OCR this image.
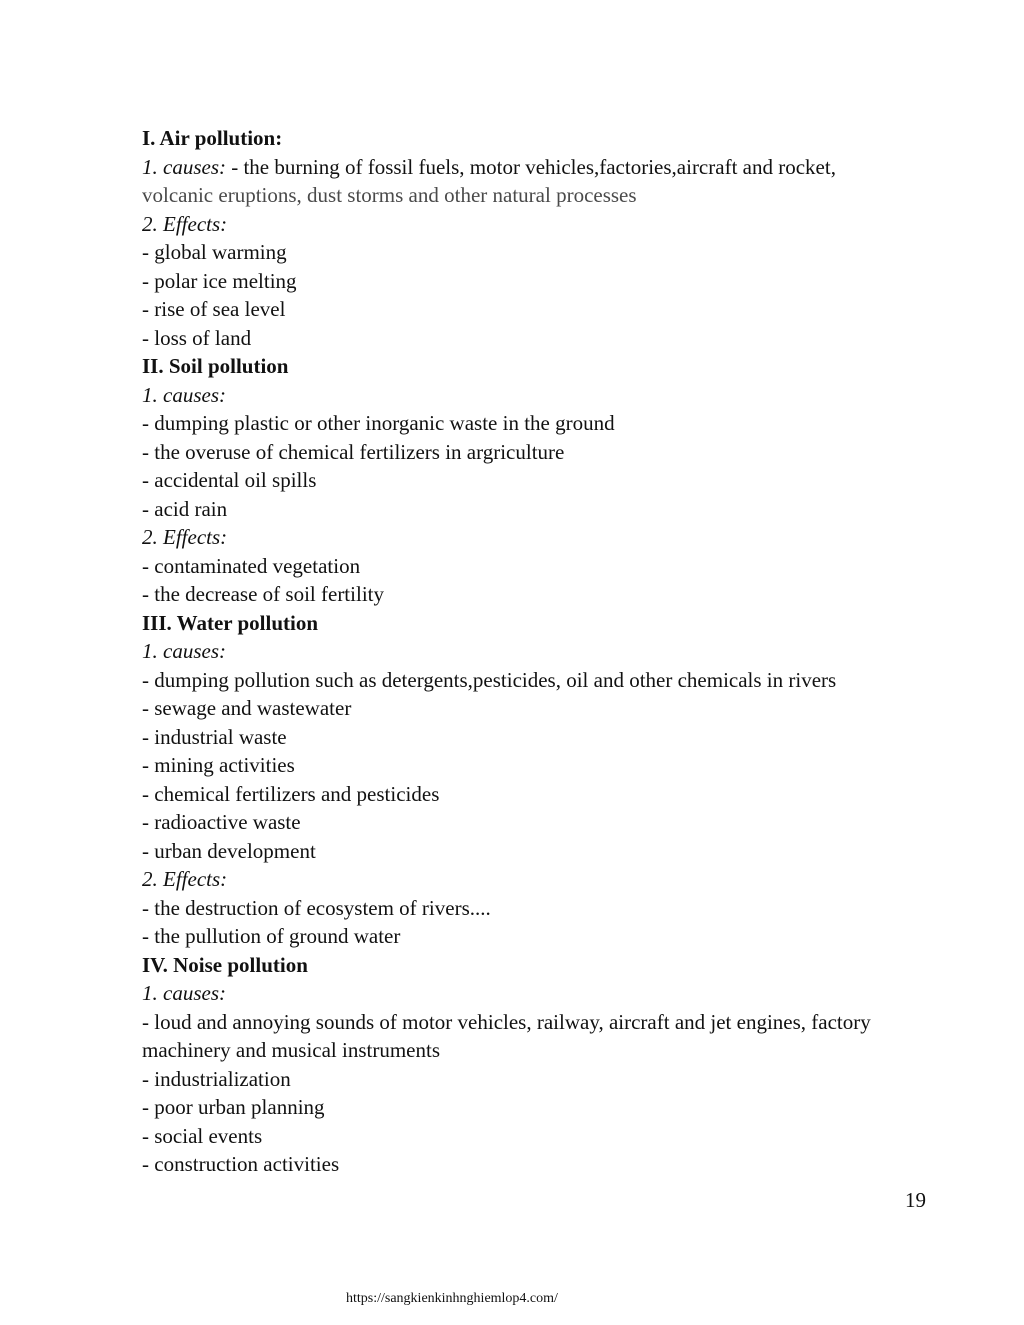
I. Air pollution:
1. causes: - the burning of fossil fuels, motor vehicles,factories,aircraft and rocket,
volcanic eruptions, dust storms and other natural processes
2. Effects:
- global warming
- polar ice melting
- rise of sea level
- loss of land
II. Soil pollution
1. causes:
- dumping plastic or other inorganic waste in the ground
- the overuse of chemical fertilizers in argriculture
- accidental oil spills
- acid rain
2. Effects:
- contaminated vegetation
- the decrease of soil fertility
III. Water pollution
1. causes:
- dumping pollution such as detergents,pesticides, oil and other chemicals in rivers
- sewage and wastewater
- industrial waste
- mining activities
- chemical fertilizers and pesticides
- radioactive waste
- urban development
2. Effects:
- the destruction of ecosystem of rivers....
- the pullution of ground water
IV. Noise pollution
1. causes:
- loud and annoying sounds of motor vehicles, railway, aircraft and jet engines, factory machinery and musical instruments
- industrialization
- poor urban planning
- social events
- construction activities
19
https://sangkienkinhnghiemlop4.com/
